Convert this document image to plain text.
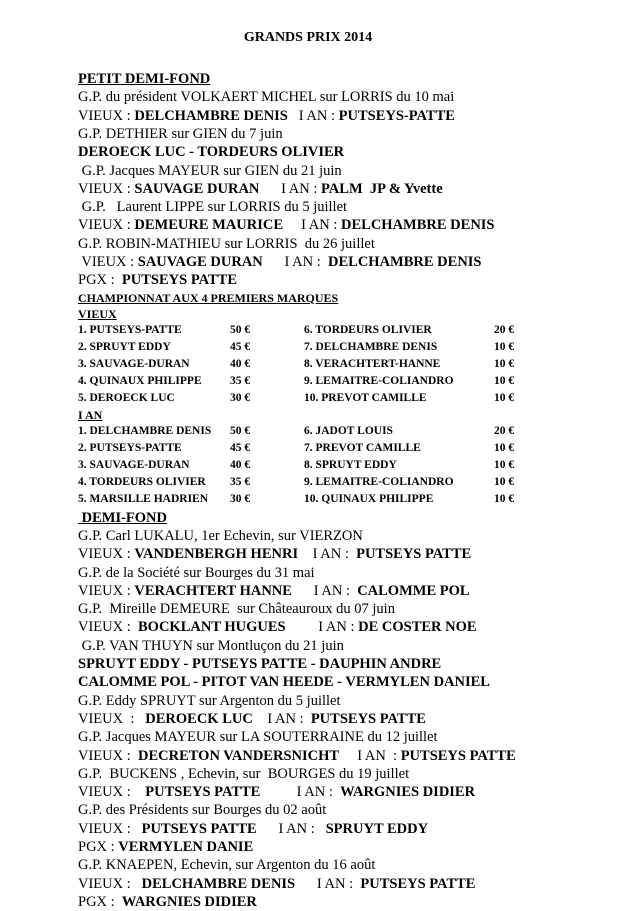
GRANDS PRIX 2014
PETIT DEMI-FOND
G.P. du président VOLKAERT MICHEL sur LORRIS du 10 mai
VIEUX : DELCHAMBRE DENIS   I AN : PUTSEYS-PATTE
G.P. DETHIER sur GIEN du 7 juin
DEROECK LUC - TORDEURS OLIVIER
G.P. Jacques MAYEUR sur GIEN du 21 juin
VIEUX : SAUVAGE DURAN      I AN : PALM  JP & Yvette
G.P.   Laurent LIPPE sur LORRIS du 5 juillet
VIEUX : DEMEURE MAURICE     I AN : DELCHAMBRE DENIS
G.P. ROBIN-MATHIEU sur LORRIS  du 26 juillet
VIEUX : SAUVAGE DURAN      I AN :  DELCHAMBRE DENIS
PGX :  PUTSEYS PATTE
CHAMPIONNAT AUX 4 PREMIERS MARQUES
VIEUX
1. PUTSEYS-PATTE	50 €	6. TORDEURS OLIVIER	20 €
2. SPRUYT EDDY	45 €	7. DELCHAMBRE DENIS	10 €
3. SAUVAGE-DURAN	40 €	8. VERACHTERT-HANNE	10 €
4. QUINAUX PHILIPPE 35 €	9. LEMAITRE-COLIANDRO	10 €
5. DEROECK LUC	30 €	10. PREVOT CAMILLE	10 €
I AN
1. DELCHAMBRE DENIS 50 €	6. JADOT LOUIS	20 €
2. PUTSEYS-PATTE	45 €	7. PREVOT CAMILLE	10 €
3. SAUVAGE-DURAN	40 €	8. SPRUYT EDDY	10 €
4. TORDEURS OLIVIER 35 €	9. LEMAITRE-COLIANDRO	10 €
5. MARSILLE HADRIEN 30 €	10. QUINAUX PHILIPPE	10 €
DEMI-FOND
G.P. Carl LUKALU, 1er Echevin, sur VIERZON
VIEUX : VANDENBERGH HENRI    I AN :  PUTSEYS PATTE
G.P. de la Société sur Bourges du 31 mai
VIEUX : VERACHTERT HANNE      I AN :  CALOMME POL
G.P.  Mireille DEMEURE  sur Châteauroux du 07 juin
VIEUX :  BOCKLANT HUGUES         I AN : DE COSTER NOE
G.P. VAN THUYN sur Montluçon du 21 juin
SPRUYT EDDY - PUTSEYS PATTE - DAUPHIN ANDRE
CALOMME POL - PITOT VAN HEEDE - VERMYLEN DANIEL
G.P. Eddy SPRUYT sur Argenton du 5 juillet
VIEUX  :   DEROECK LUC    I AN :  PUTSEYS PATTE
G.P. Jacques MAYEUR sur LA SOUTERRAINE du 12 juillet
VIEUX :  DECRETON VANDERSNICHT     I AN  : PUTSEYS PATTE
G.P.  BUCKENS , Echevin, sur  BOURGES du 19 juillet
VIEUX :    PUTSEYS PATTE          I AN :  WARGNIES DIDIER
G.P. des Présidents sur Bourges du 02 août
VIEUX :   PUTSEYS PATTE      I AN :   SPRUYT EDDY
PGX : VERMYLEN DANIE
G.P. KNAEPEN, Echevin, sur Argenton du 16 août
VIEUX :   DELCHAMBRE DENIS      I AN :  PUTSEYS PATTE
PGX :  WARGNIES DIDIER
